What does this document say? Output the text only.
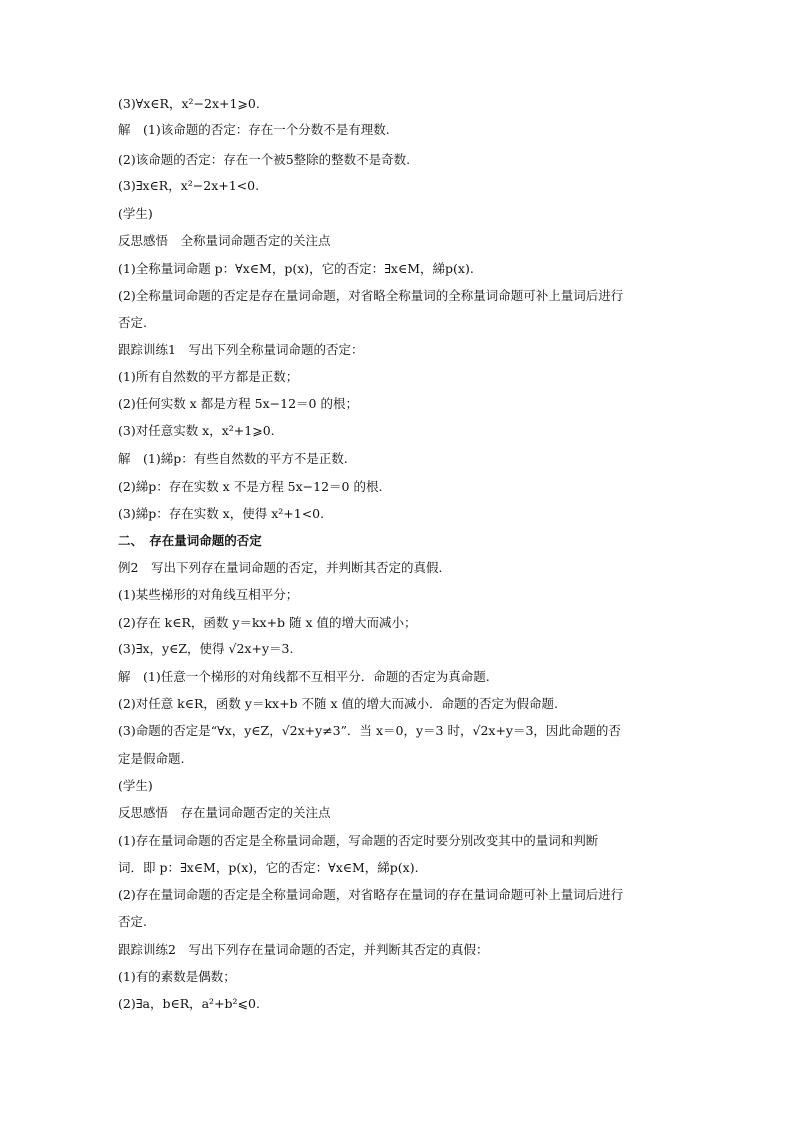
(3)∀x∈R，x²−2x+1⩾0.
解　(1)该命题的否定：存在一个分数不是有理数.
(2)该命题的否定：存在一个被5整除的整数不是奇数.
(3)∃x∈R，x²−2x+1<0.
(学生)
反思感悟　全称量词命题否定的关注点
(1)全称量词命题 p：∀x∈M，p(x)，它的否定：∃x∈M，綈p(x).
(2)全称量词命题的否定是存在量词命题，对省略全称量词的全称量词命题可补上量词后进行
否定.
跟踪训练1　写出下列全称量词命题的否定：
(1)所有自然数的平方都是正数；
(2)任何实数 x 都是方程 5x−12＝0 的根；
(3)对任意实数 x，x²+1⩾0.
解　(1)綈p：有些自然数的平方不是正数.
(2)綈p：存在实数 x 不是方程 5x−12＝0 的根.
(3)綈p：存在实数 x，使得 x²+1<0.
二、　存在量词命题的否定
例2　写出下列存在量词命题的否定，并判断其否定的真假.
(1)某些梯形的对角线互相平分；
(2)存在 k∈R，函数 y＝kx+b 随 x 值的增大而减小；
(3)∃x，y∈Z，使得 √2x+y＝3.
解　(1)任意一个梯形的对角线都不互相平分．命题的否定为真命题.
(2)对任意 k∈R，函数 y＝kx+b 不随 x 值的增大而减小．命题的否定为假命题.
(3)命题的否定是“∀x，y∈Z，√2x+y≠3”．当 x＝0，y＝3 时，√2x+y＝3，因此命题的否
定是假命题.
(学生)
反思感悟　存在量词命题否定的关注点
(1)存在量词命题的否定是全称量词命题，写命题的否定时要分别改变其中的量词和判断
词．即 p：∃x∈M，p(x)，它的否定：∀x∈M，綈p(x).
(2)存在量词命题的否定是全称量词命题，对省略存在量词的存在量词命题可补上量词后进行
否定.
跟踪训练2　写出下列存在量词命题的否定，并判断其否定的真假：
(1)有的素数是偶数；
(2)∃a，b∈R，a²+b²⩽0.
